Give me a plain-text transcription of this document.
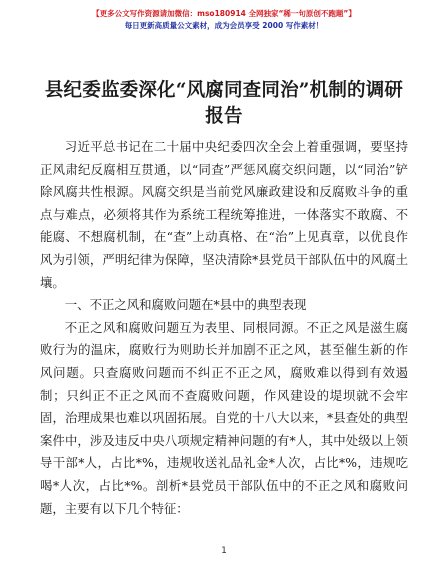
【更多公文写作资源请加微信：mso180914 全网独家“稀一句原创不跑题”】
每日更新高质量公文素材，成为会员享受 2000 写作素材！
县纪委监委深化“风腐同查同治”机制的调研
报告

习近平总书记在二十届中央纪委四次全会上着重强调，要坚持正风肃纪反腐相互贯通，以“同查”严惩风腐交织问题，以“同治”铲除风腐共性根源。风腐交织是当前党风廉政建设和反腐败斗争的重点与难点，必须将其作为系统工程统筹推进，一体落实不敢腐、不能腐、不想腐机制，在“查”上动真格、在“治”上见真章，以优良作风为引领，严明纪律为保障，坚决清除*县党员干部队伍中的风腐土壤。

一、不正之风和腐败问题在*县中的典型表现

不正之风和腐败问题互为表里、同根同源。不正之风是滋生腐败行为的温床，腐败行为则助长并加剧不正之风，甚至催生新的作风问题。只查腐败问题而不纠正不正之风，腐败难以得到有效遏制；只纠正不正之风而不查腐败问题，作风建设的堤坝就不会牢固，治理成果也难以巩固拓展。自党的十八大以来，*县查处的典型案件中，涉及违反中央八项规定精神问题的有*人，其中处级以上领导干部*人，占比*%，违规收送礼品礼金*人次，占比*%，违规吃喝*人次，占比*%。剖析*县党员干部队伍中的不正之风和腐败问题，主要有以下几个特征：

1
